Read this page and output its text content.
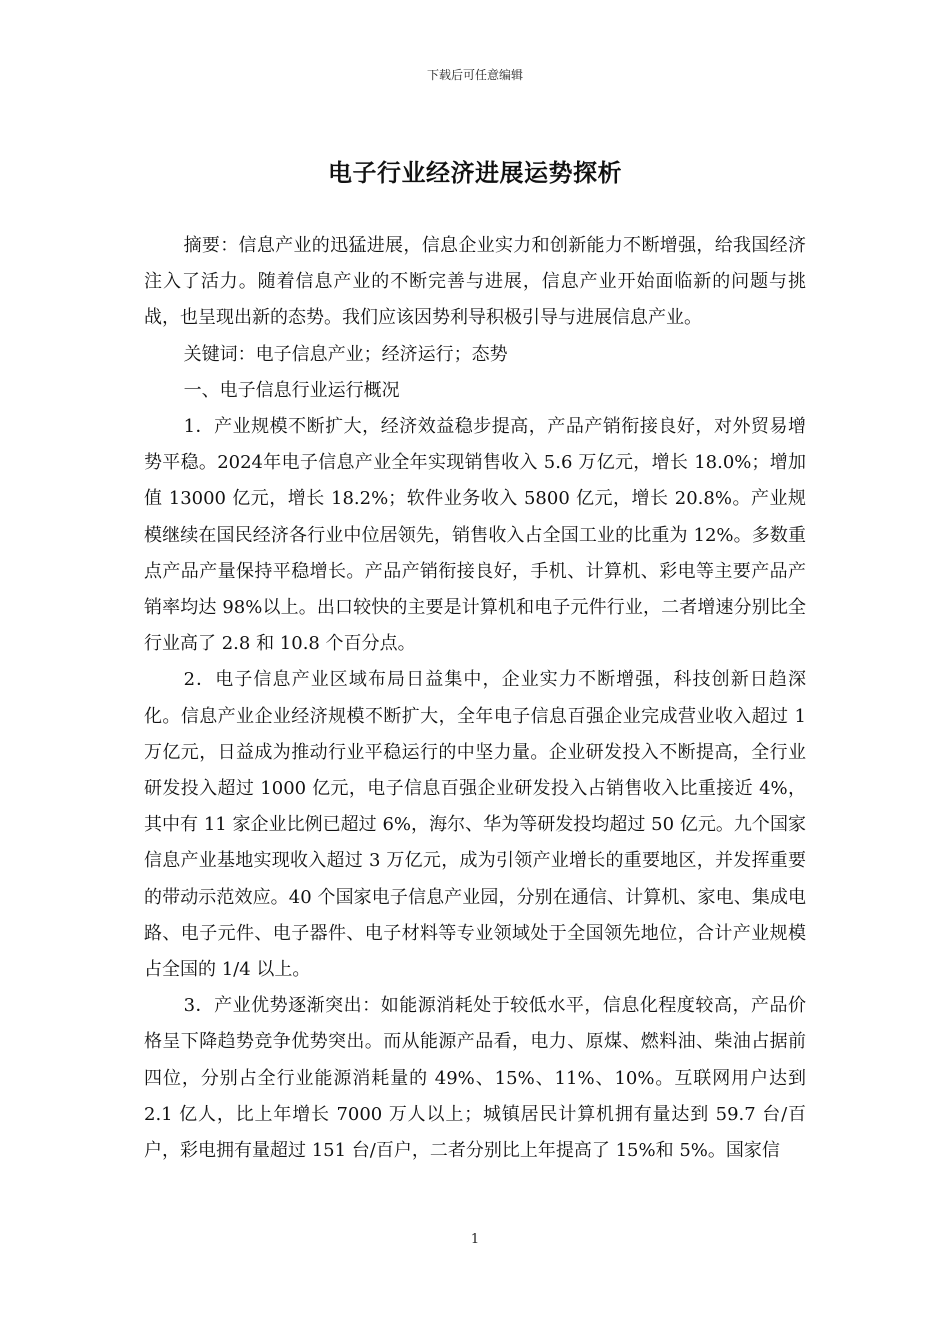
下载后可任意编辑
电子行业经济进展运势探析

摘要：信息产业的迅猛进展，信息企业实力和创新能力不断增强，给我国经济注入了活力。随着信息产业的不断完善与进展，信息产业开始面临新的问题与挑战，也呈现出新的态势。我们应该因势利导积极引导与进展信息产业。

关键词：电子信息产业；经济运行；态势

一、电子信息行业运行概况

1．产业规模不断扩大，经济效益稳步提高，产品产销衔接良好，对外贸易增势平稳。2024年电子信息产业全年实现销售收入 5.6 万亿元，增长 18.0%；增加值 13000 亿元，增长 18.2%；软件业务收入 5800 亿元，增长 20.8%。产业规模继续在国民经济各行业中位居领先，销售收入占全国工业的比重为 12%。多数重点产品产量保持平稳增长。产品产销衔接良好，手机、计算机、彩电等主要产品产销率均达 98%以上。出口较快的主要是计算机和电子元件行业，二者增速分别比全行业高了 2.8 和 10.8 个百分点。

2．电子信息产业区域布局日益集中，企业实力不断增强，科技创新日趋深化。信息产业企业经济规模不断扩大，全年电子信息百强企业完成营业收入超过 1 万亿元，日益成为推动行业平稳运行的中坚力量。企业研发投入不断提高，全行业研发投入超过 1000 亿元，电子信息百强企业研发投入占销售收入比重接近 4%，其中有 11 家企业比例已超过 6%，海尔、华为等研发投均超过 50 亿元。九个国家信息产业基地实现收入超过 3 万亿元，成为引领产业增长的重要地区，并发挥重要的带动示范效应。40 个国家电子信息产业园，分别在通信、计算机、家电、集成电路、电子元件、电子器件、电子材料等专业领域处于全国领先地位，合计产业规模占全国的 1/4 以上。

3．产业优势逐渐突出：如能源消耗处于较低水平，信息化程度较高，产品价格呈下降趋势竞争优势突出。而从能源产品看，电力、原煤、燃料油、柴油占据前四位，分别占全行业能源消耗量的 49%、15%、11%、10%。互联网用户达到 2.1 亿人，比上年增长 7000 万人以上；城镇居民计算机拥有量达到 59.7 台/百户，彩电拥有量超过 151 台/百户，二者分别比上年提高了 15%和 5%。国家信

1
